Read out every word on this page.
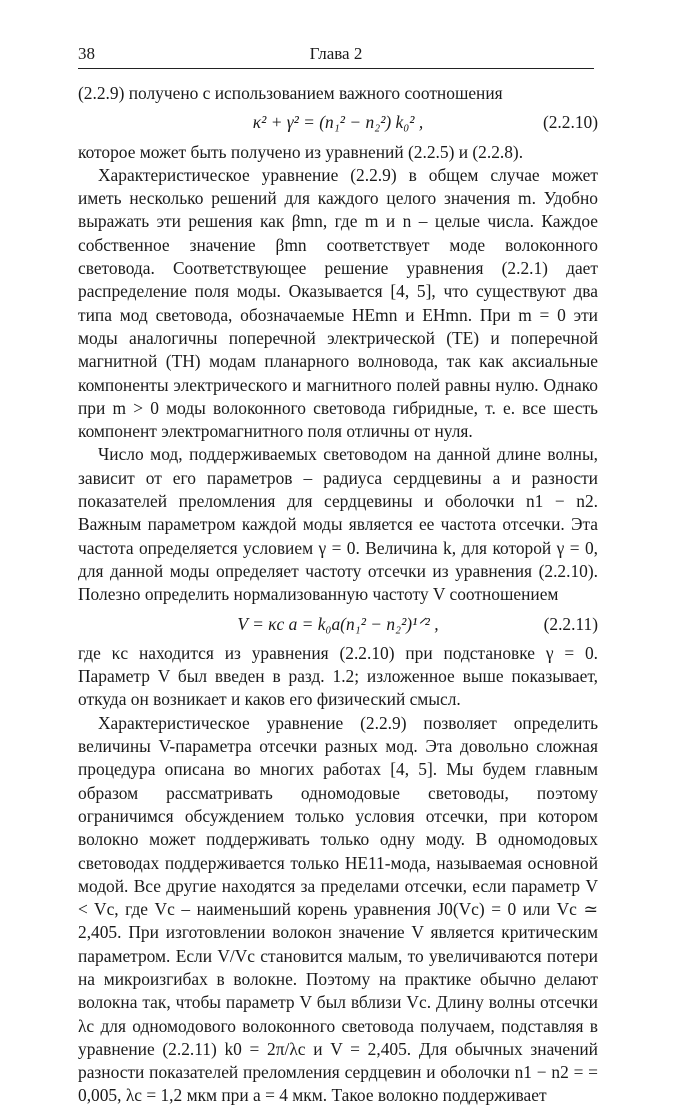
38	Глава 2

(2.2.9) получено с использованием важного соотношения

κ² + γ² = (n₁² − n₂²) k₀² ,	(2.2.10)

которое может быть получено из уравнений (2.2.5) и (2.2.8).

Характеристическое уравнение (2.2.9) в общем случае может иметь несколько решений для каждого целого значения m. Удобно выражать эти решения как βmn, где m и n – целые числа. Каждое собственное значение βmn соответствует моде волоконного световода. Соответствующее решение уравнения (2.2.1) дает распределение поля моды. Оказывается [4, 5], что существуют два типа мод световода, обозначаемые HEmn и EHmn. При m = 0 эти моды аналогичны поперечной электрической (TE) и поперечной магнитной (TH) модам планарного волновода, так как аксиальные компоненты электрического и магнитного полей равны нулю. Однако при m > 0 моды волоконного световода гибридные, т. е. все шесть компонент электромагнитного поля отличны от нуля.

Число мод, поддерживаемых световодом на данной длине волны, зависит от его параметров – радиуса сердцевины a и разности показателей преломления для сердцевины и оболочки n1 − n2. Важным параметром каждой моды является ее частота отсечки. Эта частота определяется условием γ = 0. Величина k, для которой γ = 0, для данной моды определяет частоту отсечки из уравнения (2.2.10). Полезно определить нормализованную частоту V соотношением

V = κc a = k₀a(n₁² − n₂²)¹ᐟ² ,	(2.2.11)

где κc находится из уравнения (2.2.10) при подстановке γ = 0. Параметр V был введен в разд. 1.2; изложенное выше показывает, откуда он возникает и каков его физический смысл.

Характеристическое уравнение (2.2.9) позволяет определить величины V-параметра отсечки разных мод. Эта довольно сложная процедура описана во многих работах [4, 5]. Мы будем главным образом рассматривать одномодовые световоды, поэтому ограничимся обсуждением только условия отсечки, при котором волокно может поддерживать только одну моду. В одномодовых световодах поддерживается только HE11-мода, называемая основной модой. Все другие находятся за пределами отсечки, если параметр V < Vc, где Vc – наименьший корень уравнения J0(Vc) = 0 или Vc ≃ 2,405. При изготовлении волокон значение V является критическим параметром. Если V/Vc становится малым, то увеличиваются потери на микроизгибах в волокне. Поэтому на практике обычно делают волокна так, чтобы параметр V был вблизи Vc. Длину волны отсечки λc для одномодового волоконного световода получаем, подставляя в уравнение (2.2.11) k0 = 2π/λc и V = 2,405. Для обычных значений разности показателей преломления сердцевин и оболочки n1 − n2 = = 0,005, λc = 1,2 мкм при a = 4 мкм. Такое волокно поддерживает
